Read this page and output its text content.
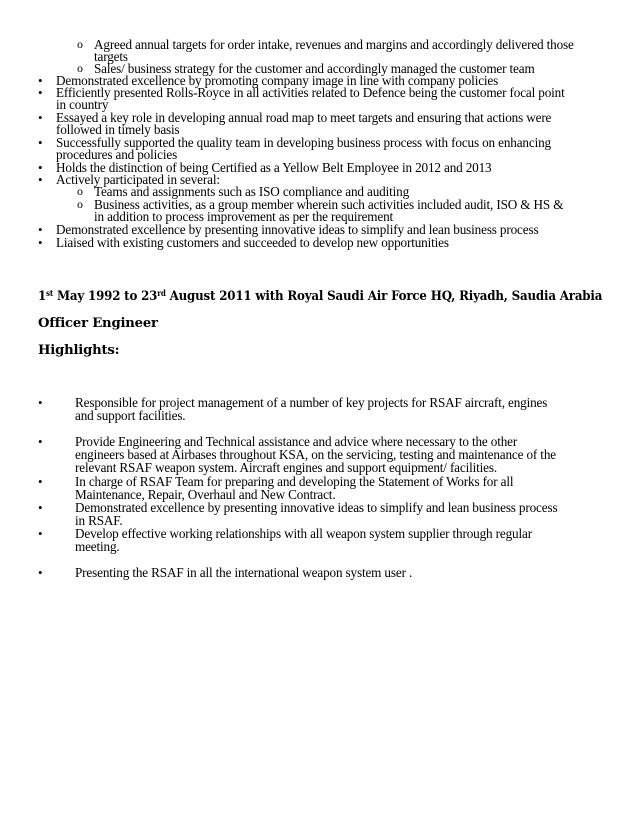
o Agreed annual targets for order intake, revenues and margins and accordingly delivered those
targets
o Sales/ business strategy for the customer and accordingly managed the customer team
• Demonstrated excellence by promoting company image in line with company policies
• Efficiently presented Rolls-Royce in all activities related to Defence being the customer focal point
in country
• Essayed a key role in developing annual road map to meet targets and ensuring that actions were
followed in timely basis
• Successfully supported the quality team in developing business process with focus on enhancing
procedures and policies
• Holds the distinction of being Certified as a Yellow Belt Employee in 2012 and 2013
• Actively participated in several:
o Teams and assignments such as ISO compliance and auditing
o Business activities, as a group member wherein such activities included audit, ISO & HS &
in addition to process improvement as per the requirement
• Demonstrated excellence by presenting innovative ideas to simplify and lean business process
• Liaised with existing customers and succeeded to develop new opportunities
1st May 1992 to 23rd August 2011 with Royal Saudi Air Force HQ, Riyadh, Saudia Arabia
Officer Engineer
Highlights:
• Responsible for project management of a number of key projects for RSAF aircraft, engines
and support facilities.
• Provide Engineering and Technical assistance and advice where necessary to the other
engineers based at Airbases throughout KSA, on the servicing, testing and maintenance of the
relevant RSAF weapon system. Aircraft engines and support equipment/ facilities.
• In charge of RSAF Team for preparing and developing the Statement of Works for all
Maintenance, Repair, Overhaul and New Contract.
• Demonstrated excellence by presenting innovative ideas to simplify and lean business process
in RSAF.
• Develop effective working relationships with all weapon system supplier through regular
meeting.
• Presenting the RSAF in all the international weapon system user .
